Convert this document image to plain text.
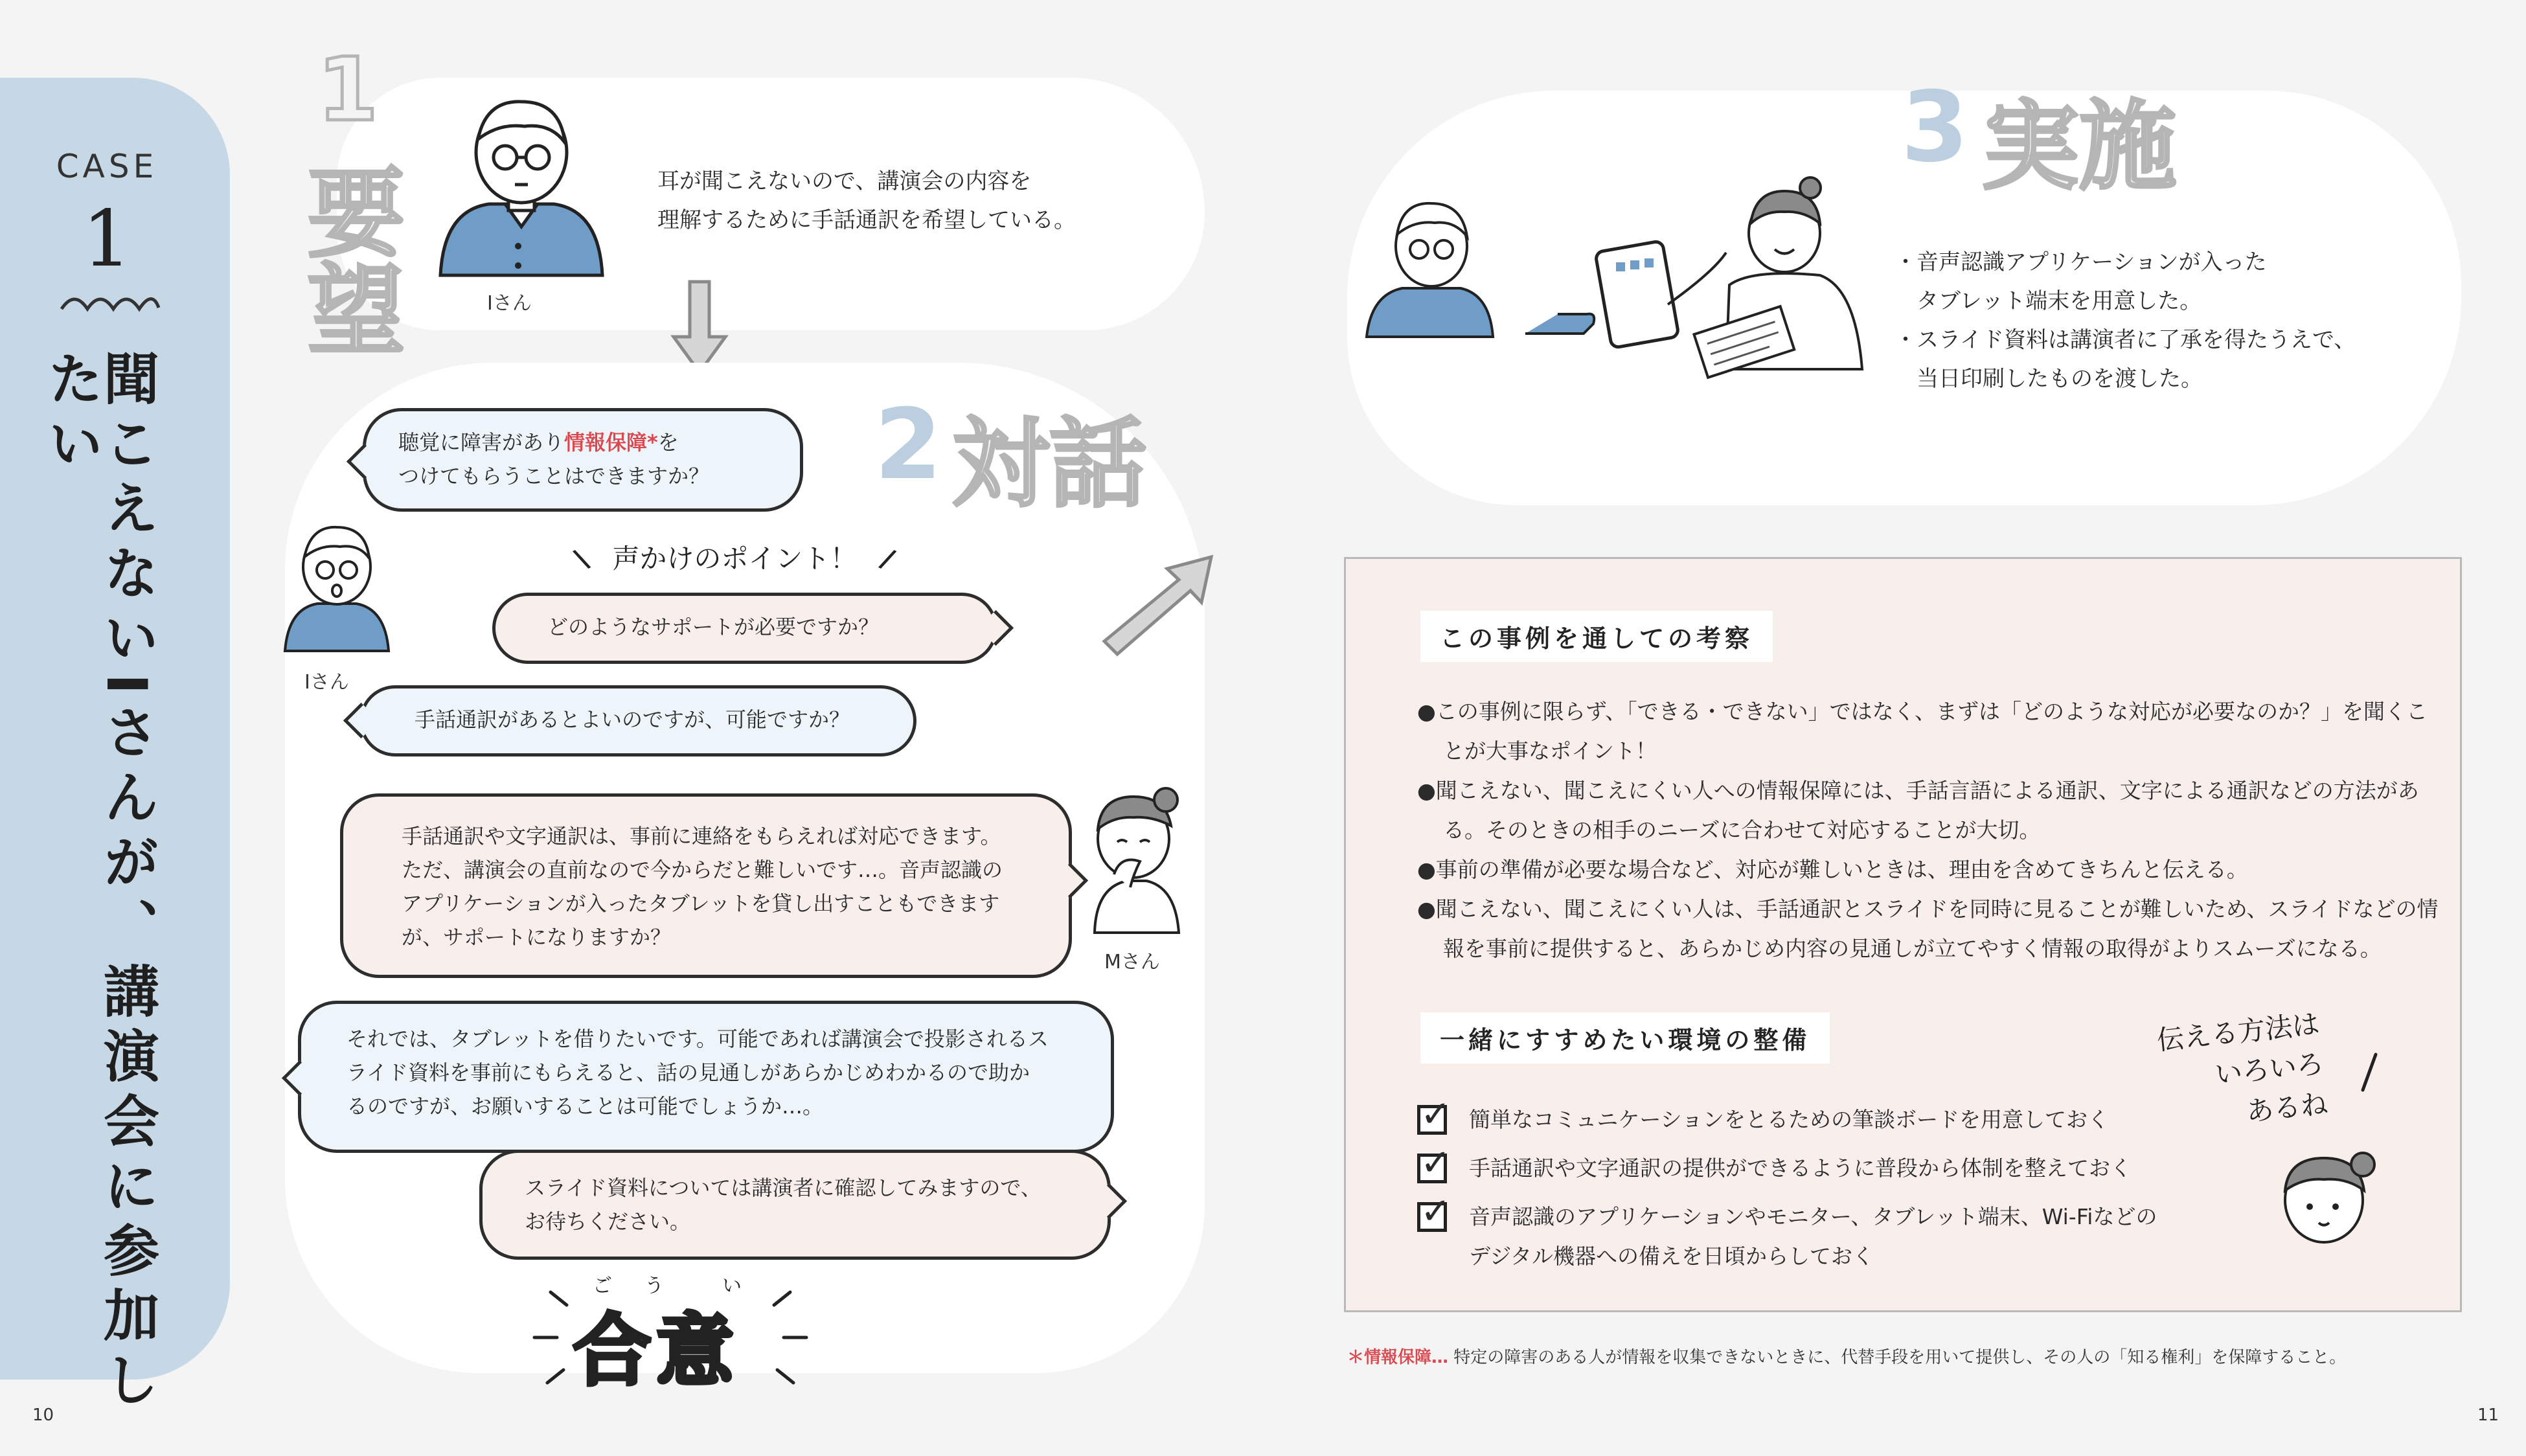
CASE
1
聞こえないIさんが、講演会に参加したい
1
要望	Iさん
耳が聞こえないので、講演会の内容を
理解するために手話通訳を希望している。
2 対話
聴覚に障害があり情報保障*を
つけてもらうことはできますか？
\ 声かけのポイント！ /
Iさん
どのようなサポートが必要ですか？
手話通訳があるとよいのですが、可能ですか？
手話通訳や文字通訳は、事前に連絡をもらえれば対応できます。
ただ、講演会の直前なので今からだと難しいです…。音声認識の
アプリケーションが入ったタブレットを貸し出すこともできます
が、サポートになりますか？
Mさん
それでは、タブレットを借りたいです。可能であれば講演会で投影されるス
ライド資料を事前にもらえると、話の見通しがあらかじめわかるので助か
るのですが、お願いすることは可能でしょうか…。
スライド資料については講演者に確認してみますので、
お待ちください。
ご う	い
合意
3 実施
・音声認識アプリケーションが入った
　タブレット端末を用意した。
・スライド資料は講演者に了承を得たうえで、
　当日印刷したものを渡した。
この事例を通しての考察
●この事例に限らず、「できる・できない」ではなく、まずは「どのような対応が必要なのか？」を聞くことが大事なポイント！
●聞こえない、聞こえにくい人への情報保障には、手話言語による通訳、文字による通訳などの方法がある。そのときの相手のニーズに合わせて対応することが大切。
●事前の準備が必要な場合など、対応が難しいときは、理由を含めてきちんと伝える。
●聞こえない、聞こえにくい人は、手話通訳とスライドを同時に見ることが難しいため、スライドなどの情報を事前に提供すると、あらかじめ内容の見通しが立てやすく情報の取得がよりスムーズになる。
一緒にすすめたい環境の整備
✓ 簡単なコミュニケーションをとるための筆談ボードを用意しておく
✓ 手話通訳や文字通訳の提供ができるように普段から体制を整えておく
✓ 音声認識のアプリケーションやモニター、タブレット端末、Wi-Fiなどの
デジタル機器への備えを日頃からしておく
伝える方法は
いろいろ
あるね
＊情報保障… 特定の障害のある人が情報を収集できないときに、代替手段を用いて提供し、その人の「知る権利」を保障すること。
10	11
